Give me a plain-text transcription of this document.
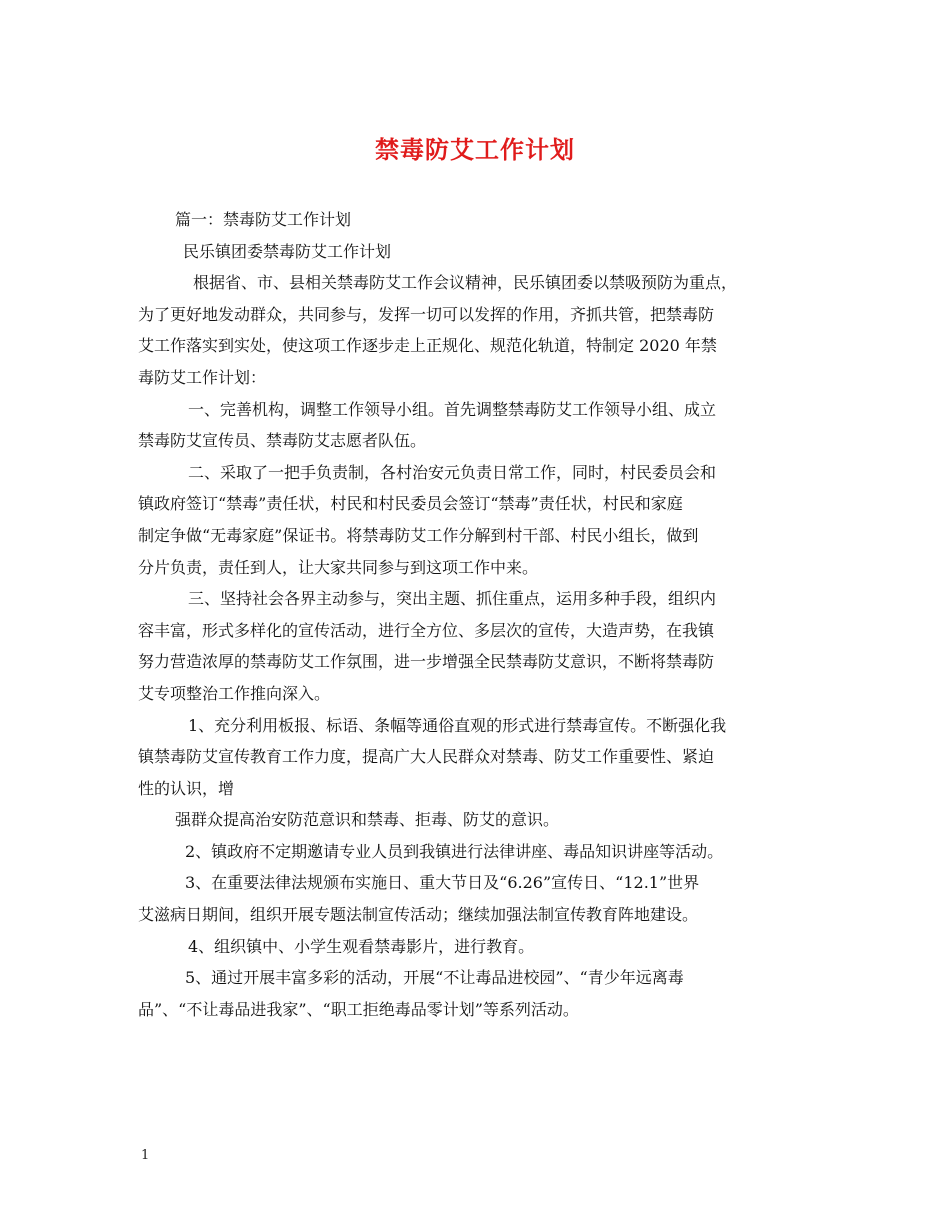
禁毒防艾工作计划
篇一：禁毒防艾工作计划
民乐镇团委禁毒防艾工作计划
根据省、市、县相关禁毒防艾工作会议精神，民乐镇团委以禁吸预防为重点，
为了更好地发动群众，共同参与，发挥一切可以发挥的作用，齐抓共管，把禁毒防
艾工作落实到实处，使这项工作逐步走上正规化、规范化轨道，特制定 2020 年禁
毒防艾工作计划：
一、完善机构，调整工作领导小组。首先调整禁毒防艾工作领导小组、成立
禁毒防艾宣传员、禁毒防艾志愿者队伍。
二、采取了一把手负责制，各村治安元负责日常工作，同时，村民委员会和
镇政府签订“禁毒”责任状，村民和村民委员会签订“禁毒”责任状，村民和家庭
制定争做“无毒家庭”保证书。将禁毒防艾工作分解到村干部、村民小组长，做到
分片负责，责任到人，让大家共同参与到这项工作中来。
三、坚持社会各界主动参与，突出主题、抓住重点，运用多种手段，组织内
容丰富，形式多样化的宣传活动，进行全方位、多层次的宣传，大造声势，在我镇
努力营造浓厚的禁毒防艾工作氛围，进一步增强全民禁毒防艾意识，不断将禁毒防
艾专项整治工作推向深入。
1、充分利用板报、标语、条幅等通俗直观的形式进行禁毒宣传。不断强化我
镇禁毒防艾宣传教育工作力度，提高广大人民群众对禁毒、防艾工作重要性、紧迫
性的认识，增
强群众提高治安防范意识和禁毒、拒毒、防艾的意识。
2、镇政府不定期邀请专业人员到我镇进行法律讲座、毒品知识讲座等活动。
3、在重要法律法规颁布实施日、重大节日及“6.26”宣传日、“12.1”世界
艾滋病日期间，组织开展专题法制宣传活动；继续加强法制宣传教育阵地建设。
4、组织镇中、小学生观看禁毒影片，进行教育。
5、通过开展丰富多彩的活动，开展“不让毒品进校园”、“青少年远离毒
品”、“不让毒品进我家”、“职工拒绝毒品零计划”等系列活动。
1
